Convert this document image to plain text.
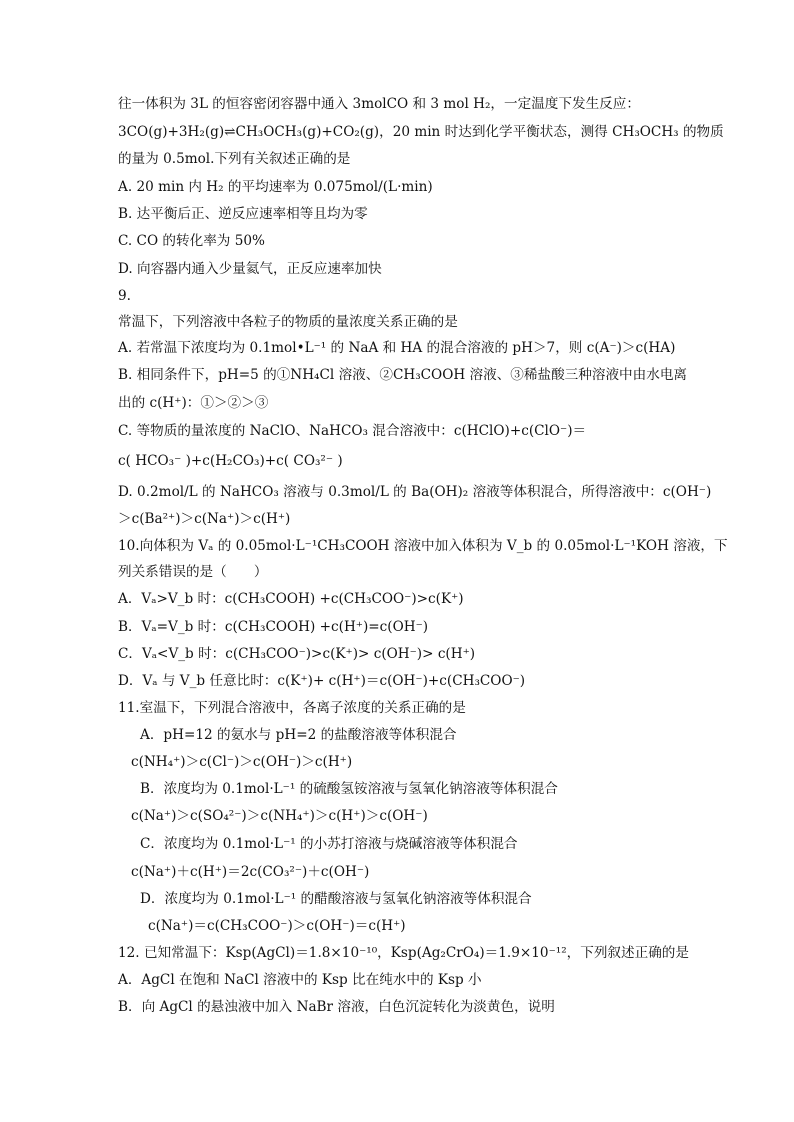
往一体积为 3L 的恒容密闭容器中通入 3molCO 和 3 mol H₂，一定温度下发生反应：
3CO(g)+3H₂(g)⇌CH₃OCH₃(g)+CO₂(g)，20 min 时达到化学平衡状态，测得 CH₃OCH₃ 的物质
的量为 0.5mol.下列有关叙述正确的是
A. 20 min 内 H₂ 的平均速率为 0.075mol/(L·min)
B. 达平衡后正、逆反应速率相等且均为零
C. CO 的转化率为 50%
D. 向容器内通入少量氦气，正反应速率加快
9.
常温下，下列溶液中各粒子的物质的量浓度关系正确的是
A. 若常温下浓度均为 0.1mol•L⁻¹ 的 NaA 和 HA 的混合溶液的 pH＞7，则 c(A⁻)＞c(HA)
B. 相同条件下，pH=5 的①NH₄Cl 溶液、②CH₃COOH 溶液、③稀盐酸三种溶液中由水电离
出的 c(H⁺)：①＞②＞③
C. 等物质的量浓度的 NaClO、NaHCO₃ 混合溶液中：c(HClO)+c(ClO⁻)＝
c( HCO₃⁻ )+c(H₂CO₃)+c( CO₃²⁻ )
D. 0.2mol/L 的 NaHCO₃ 溶液与 0.3mol/L 的 Ba(OH)₂ 溶液等体积混合，所得溶液中：c(OH⁻)
＞c(Ba²⁺)＞c(Na⁺)＞c(H⁺)
10.向体积为 Vₐ 的 0.05mol·L⁻¹CH₃COOH 溶液中加入体积为 V_b 的 0.05mol·L⁻¹KOH 溶液，下
列关系错误的是（　　）
A．Vₐ>V_b 时：c(CH₃COOH) +c(CH₃COO⁻)>c(K⁺)
B．Vₐ=V_b 时：c(CH₃COOH) +c(H⁺)=c(OH⁻)
C．Vₐ<V_b 时：c(CH₃COO⁻)>c(K⁺)> c(OH⁻)> c(H⁺)
D．Vₐ 与 V_b 任意比时：c(K⁺)+ c(H⁺)＝c(OH⁻)+c(CH₃COO⁻)
11.室温下，下列混合溶液中，各离子浓度的关系正确的是
A．pH=12 的氨水与 pH=2 的盐酸溶液等体积混合
c(NH₄⁺)＞c(Cl⁻)＞c(OH⁻)＞c(H⁺)
B．浓度均为 0.1mol·L⁻¹ 的硫酸氢铵溶液与氢氧化钠溶液等体积混合
c(Na⁺)＞c(SO₄²⁻)＞c(NH₄⁺)＞c(H⁺)＞c(OH⁻)
C．浓度均为 0.1mol·L⁻¹ 的小苏打溶液与烧碱溶液等体积混合
c(Na⁺)＋c(H⁺)＝2c(CO₃²⁻)＋c(OH⁻)
D．浓度均为 0.1mol·L⁻¹ 的醋酸溶液与氢氧化钠溶液等体积混合
c(Na⁺)＝c(CH₃COO⁻)＞c(OH⁻)＝c(H⁺)
12. 已知常温下：Ksp(AgCl)＝1.8×10⁻¹⁰，Ksp(Ag₂CrO₄)＝1.9×10⁻¹²，下列叙述正确的是
A．AgCl 在饱和 NaCl 溶液中的 Ksp 比在纯水中的 Ksp 小
B．向 AgCl 的悬浊液中加入 NaBr 溶液，白色沉淀转化为淡黄色，说明
